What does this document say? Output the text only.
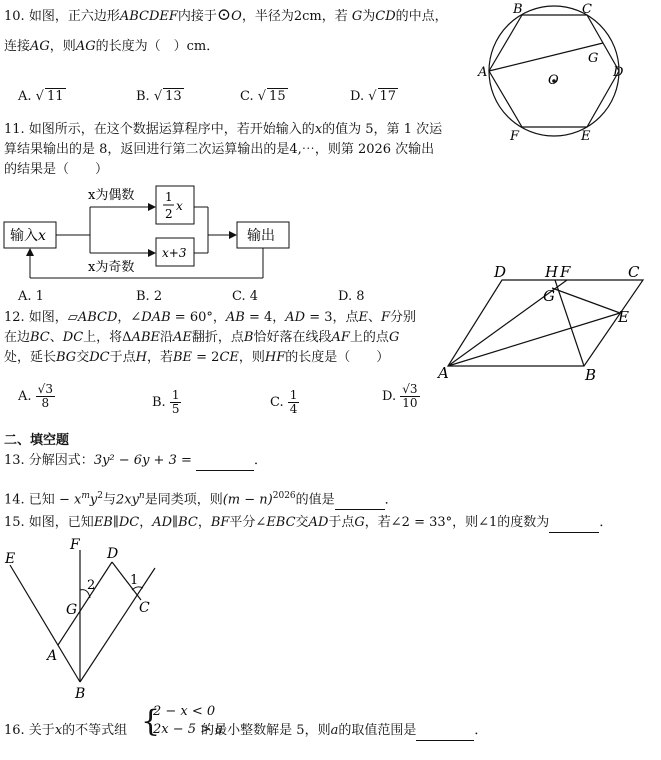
10. 如图，正六边形ABCDEF内接于⊙O，半径为2cm，若 G为CD的中点，
连接AG，则AG的长度为（　）cm．
A. √ 11	B. √ 13	C. √ 15	D. √ 17
B	C
A	D
G
O
F	E
11. 如图所示，在这个数据运算程序中，若开始输入的x的值为 5，第 1 次运
算结果输出的是 8，返回进行第二次运算输出的是4,⋯，则第 2026 次输出
的结果是（　　）
输入x
x为偶数
x为奇数
1
2
x
x+3
输出
A. 1	B. 2	C. 4	D. 8
12. 如图，▱ABCD，∠DAB = 60°，AB = 4，AD = 3，点E、F分别
在边BC、DC上，将ΔABE沿AE翻折，点B恰好落在线段AF上的点G
处，延长BG交DC于点H，若BE = 2CE，则HF的长度是（　　）
A. $\frac{√3}{8}$	B. $\frac{1}{5}$	C. $\frac{1}{4}$	D. $\frac{√3}{10}$
D	H F	C
G
E
A	B
二、填空题
13. 分解因式：3y² − 6y + 3 =	．
14. 已知 − $x^my^2$与$2xy^n$是同类项，则$(m - n)^{2026}$的值是	．
15. 如图，已知EB∥DC，AD∥BC，BF平分∠EBC交AD于点G，若∠2 = 33°，则∠1的度数为	．
E
F
D
2	1
G	C
A
B
16. 关于x的不等式组	的最小整数解是 5，则a的取值范围是	．
{
2 − x < 0
2x − 5 > a
